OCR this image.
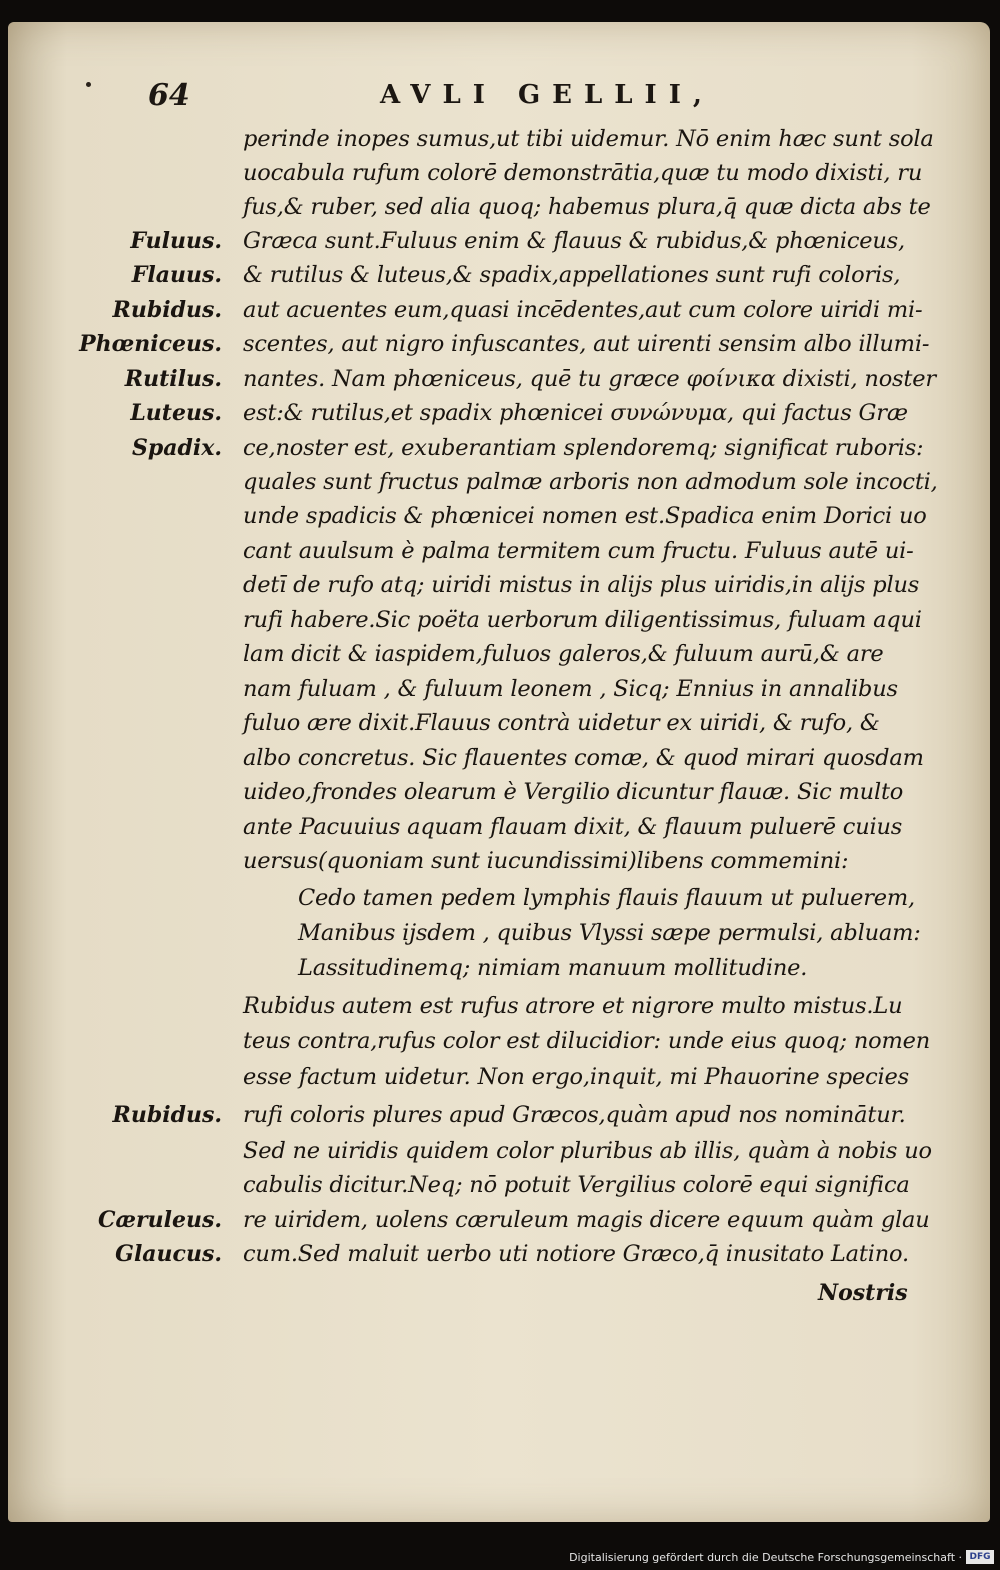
64	AVLI GELLII,
Fuluus.
Flauus.
Rubidus.
Phœniceus.
Rutilus.
Luteus.
Spadix.
Rubidus.
Cæruleus.
Glaucus.
perinde inopes sumus,ut tibi uidemur. Nō enim hæc sunt sola
uocabula rufum colorē demonstrātia,quæ tu modo dixisti, ru
fus,& ruber, sed alia quoq; habemus plura,q̄ quæ dicta abs te
Græca sunt.Fuluus enim & flauus & rubidus,& phœniceus,
& rutilus & luteus,& spadix,appellationes sunt rufi coloris,
aut acuentes eum,quasi incēdentes,aut cum colore uiridi mi-
scentes, aut nigro infuscantes, aut uirenti sensim albo illumi-
nantes. Nam phœniceus, quē tu græce φοίνικα dixisti, noster
est:& rutilus,et spadix phœnicei συνώνυμα, qui factus Græ
ce,noster est, exuberantiam splendoremq; significat ruboris:
quales sunt fructus palmæ arboris non admodum sole incocti,
unde spadicis & phœnicei nomen est.Spadica enim Dorici uo
cant auulsum è palma termitem cum fructu. Fuluus autē ui-
detī de rufo atq; uiridi mistus in alijs plus uiridis,in alijs plus
rufi habere.Sic poëta uerborum diligentissimus, fuluam aqui
lam dicit & iaspidem,fuluos galeros,& fuluum aurū,& are
nam fuluam , & fuluum leonem , Sicq; Ennius in annalibus
fuluo ære dixit.Flauus contrà uidetur ex uiridi, & rufo, &
albo concretus. Sic flauentes comæ, & quod mirari quosdam
uideo,frondes olearum è Vergilio dicuntur flauæ. Sic multo
ante Pacuuius aquam flauam dixit, & flauum puluerē cuius
uersus(quoniam sunt iucundissimi)libens commemini:
Cedo tamen pedem lymphis flauis flauum ut puluerem,
Manibus ijsdem , quibus Vlyssi sæpe permulsi, abluam:
Lassitudinemq; nimiam manuum mollitudine.
Rubidus autem est rufus atrore et nigrore multo mistus.Lu
teus contra,rufus color est dilucidior: unde eius quoq; nomen
esse factum uidetur. Non ergo,inquit, mi Phauorine species
rufi coloris plures apud Græcos,quàm apud nos nominātur.
Sed ne uiridis quidem color pluribus ab illis, quàm à nobis uo
cabulis dicitur.Neq; nō potuit Vergilius colorē equi significa
re uiridem, uolens cæruleum magis dicere equum quàm glau
cum.Sed maluit uerbo uti notiore Græco,q̄ inusitato Latino.
Nostris
Digitalisierung gefördert durch die Deutsche Forschungsgemeinschaft · DFG
